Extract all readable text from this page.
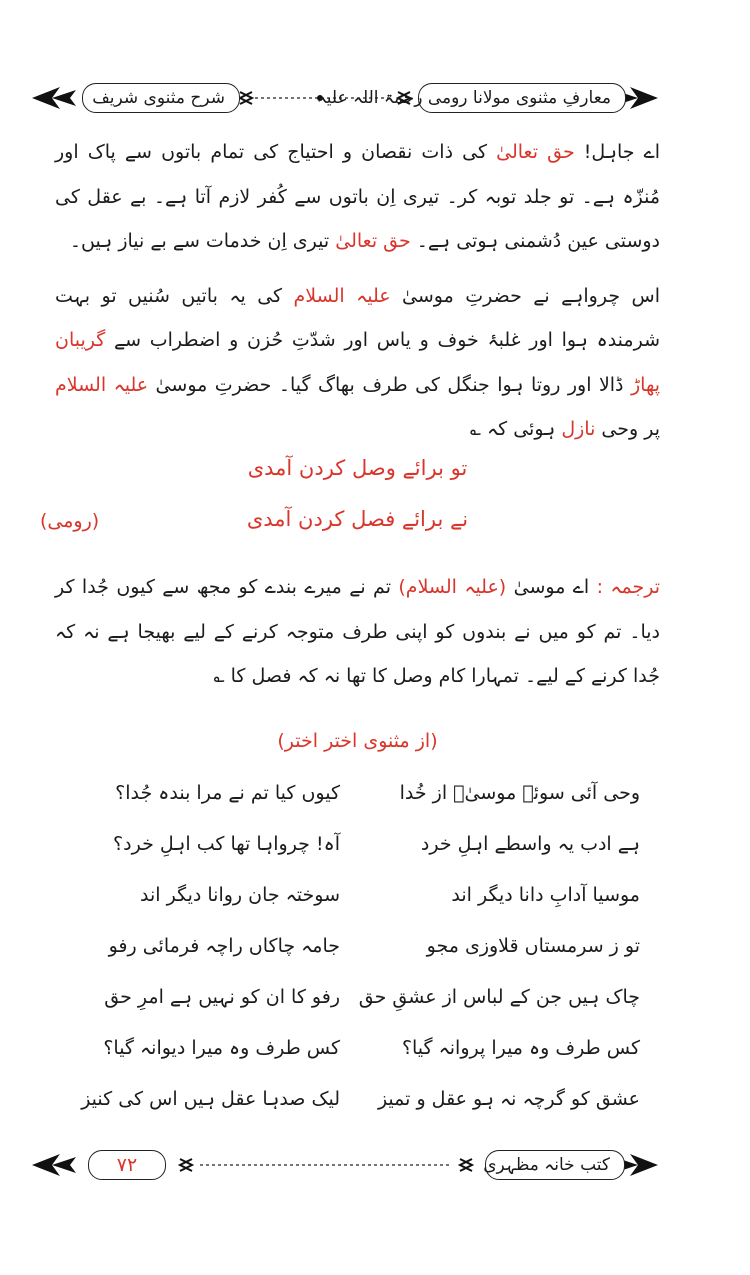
شرح مثنوی شریف	معارفِ مثنوی مولانا رومی رحمۃ اللہ علیہ

اے جاہل! حق تعالیٰ کی ذات نقصان و احتیاج کی تمام باتوں سے پاک اور مُنزّہ ہے۔ تو جلد توبہ کر۔ تیری اِن باتوں سے کُفر لازم آتا ہے۔ بے عقل کی دوستی عین دُشمنی ہوتی ہے۔ حق تعالیٰ تیری اِن خدمات سے بے نیاز ہیں۔

اس چرواہے نے حضرتِ موسیٰ علیہ السلام کی یہ باتیں سُنیں تو بہت شرمندہ ہوا اور غلبۂ خوف و یاس اور شدّتِ حُزن و اضطراب سے گریبان پھاڑ ڈالا اور روتا ہوا جنگل کی طرف بھاگ گیا۔ حضرتِ موسیٰ علیہ السلام پر وحی نازل ہوئی کہ ؎

تو برائے وصل کردن آمدی
نے برائے فصل کردن آمدی
(رومی)

ترجمہ : اے موسیٰ (علیہ السلام) تم نے میرے بندے کو مجھ سے کیوں جُدا کر دیا۔ تم کو میں نے بندوں کو اپنی طرف متوجہ کرنے کے لیے بھیجا ہے نہ کہ جُدا کرنے کے لیے۔ تمہارا کام وصل کا تھا نہ کہ فصل کا ؎

(از مثنوی اختر اختر)
وحی آئی سوئے موسیٰؑ از خُدا
کیوں کیا تم نے مرا بندہ جُدا؟
ہے ادب یہ واسطے اہلِ خرد
آہ! چرواہا تھا کب اہلِ خرد؟
موسیا آدابِ دانا دیگر اند
سوختہ جان روانا دیگر اند
تو ز سرمستاں قلاوزی مجو
جامہ چاکاں راچہ فرمائی رفو
چاک ہیں جن کے لباس از عشقِ حق
رفو کا ان کو نہیں ہے امرِ حق
کس طرف وہ میرا پروانہ گیا؟
کس طرف وہ میرا دیوانہ گیا؟
عشق کو گرچہ نہ ہو عقل و تمیز
لیک صدہا عقل ہیں اس کی کنیز
۷۲	کتب خانہ مظہری
